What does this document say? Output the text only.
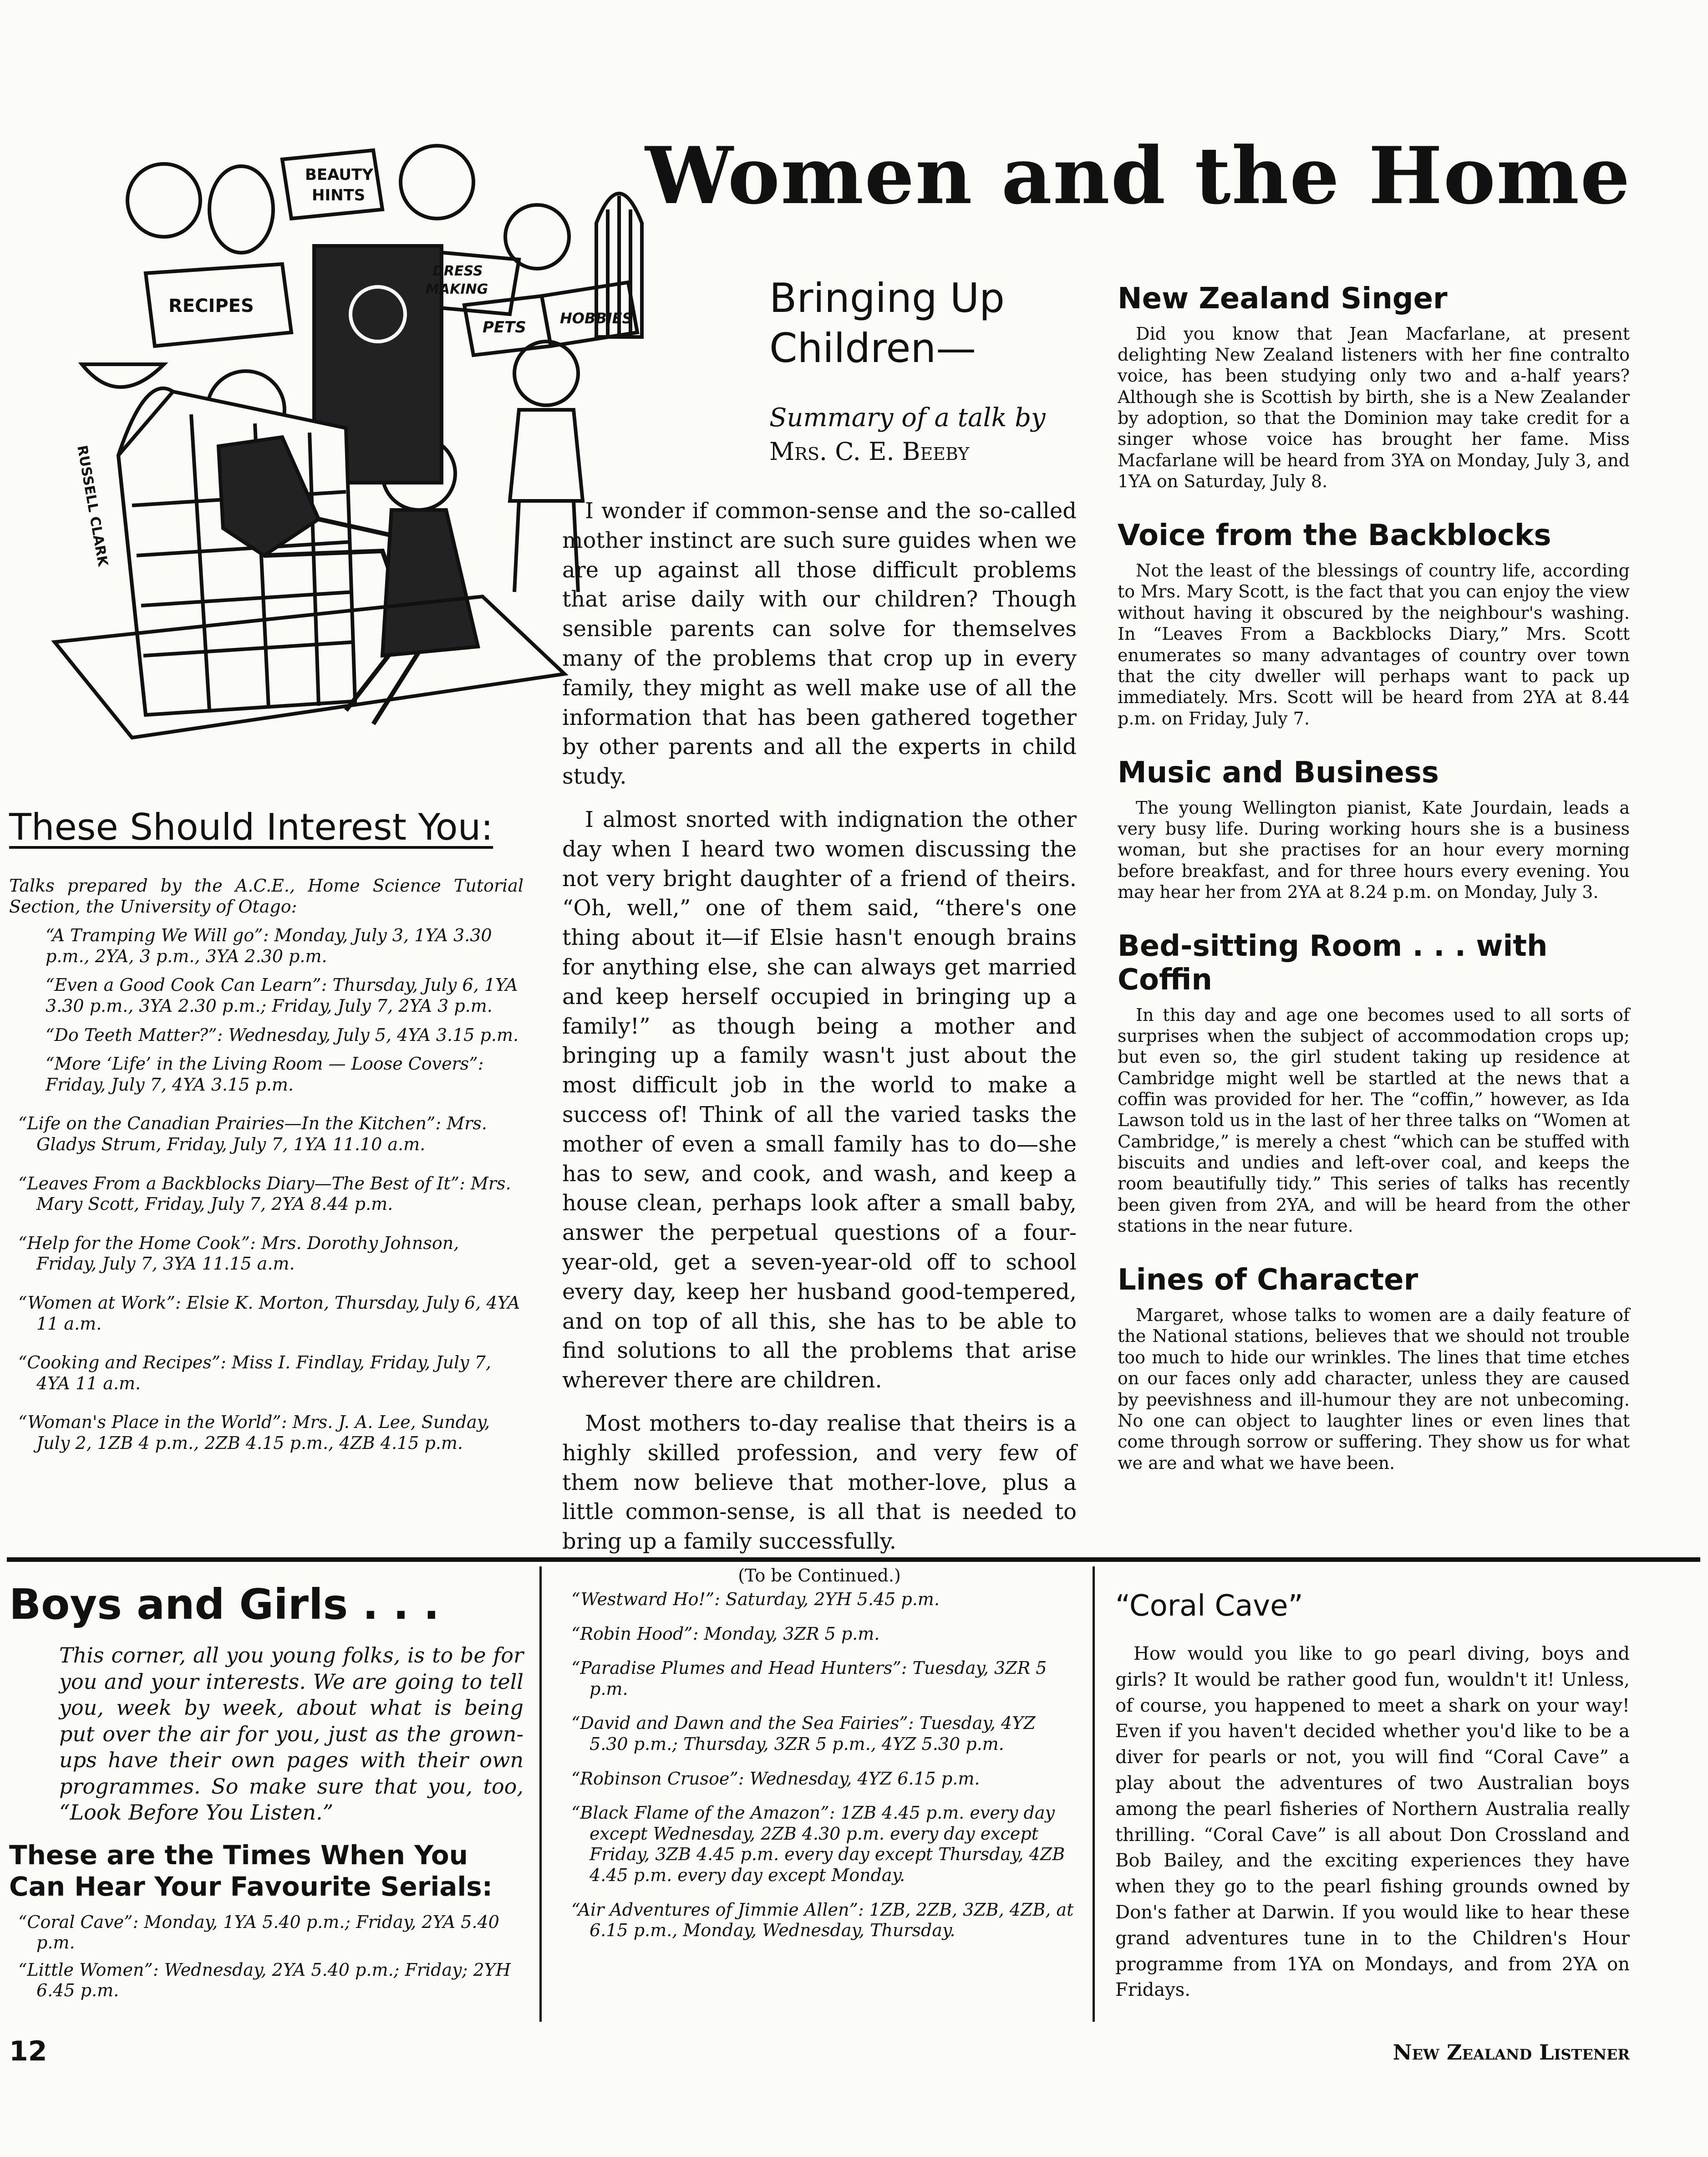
Women and the Home
BEAUTY
HINTS
RECIPES
DRESS
MAKING
PETS HOBBIES
RUSSELL CLARK
Bringing Up
Children—
Summary of a talk by
Mrs. C. E. Beeby

I wonder if common-sense and the so-called mother instinct are such sure guides when we are up against all those difficult problems that arise daily with our children? Though sensible parents can solve for themselves many of the problems that crop up in every family, they might as well make use of all the information that has been gathered together by other parents and all the experts in child study.

I almost snorted with indignation the other day when I heard two women discussing the not very bright daughter of a friend of theirs. “Oh, well,” one of them said, “there's one thing about it—if Elsie hasn't enough brains for anything else, she can always get married and keep herself occupied in bringing up a family!” as though being a mother and bringing up a family wasn't just about the most difficult job in the world to make a success of! Think of all the varied tasks the mother of even a small family has to do—she has to sew, and cook, and wash, and keep a house clean, perhaps look after a small baby, answer the perpetual questions of a four-year-old, get a seven-year-old off to school every day, keep her husband good-tempered, and on top of all this, she has to be able to find solutions to all the problems that arise wherever there are children.

Most mothers to-day realise that theirs is a highly skilled profession, and very few of them now believe that mother-love, plus a little common-sense, is all that is needed to bring up a family successfully.

(To be Continued.)
New Zealand Singer

Did you know that Jean Macfarlane, at present delighting New Zealand listeners with her fine contralto voice, has been studying only two and a-half years? Although she is Scottish by birth, she is a New Zealander by adoption, so that the Dominion may take credit for a singer whose voice has brought her fame. Miss Macfarlane will be heard from 3YA on Monday, July 3, and 1YA on Saturday, July 8.

Voice from the Backblocks

Not the least of the blessings of country life, according to Mrs. Mary Scott, is the fact that you can enjoy the view without having it obscured by the neighbour's washing. In “Leaves From a Backblocks Diary,” Mrs. Scott enumerates so many advantages of country over town that the city dweller will perhaps want to pack up immediately. Mrs. Scott will be heard from 2YA at 8.44 p.m. on Friday, July 7.

Music and Business

The young Wellington pianist, Kate Jourdain, leads a very busy life. During working hours she is a business woman, but she practises for an hour every morning before breakfast, and for three hours every evening. You may hear her from 2YA at 8.24 p.m. on Monday, July 3.

Bed-sitting Room . . . with Coffin

In this day and age one becomes used to all sorts of surprises when the subject of accommodation crops up; but even so, the girl student taking up residence at Cambridge might well be startled at the news that a coffin was provided for her. The “coffin,” however, as Ida Lawson told us in the last of her three talks on “Women at Cambridge,” is merely a chest “which can be stuffed with biscuits and undies and left-over coal, and keeps the room beautifully tidy.” This series of talks has recently been given from 2YA, and will be heard from the other stations in the near future.

Lines of Character

Margaret, whose talks to women are a daily feature of the National stations, believes that we should not trouble too much to hide our wrinkles. The lines that time etches on our faces only add character, unless they are caused by peevishness and ill-humour they are not unbecoming. No one can object to laughter lines or even lines that come through sorrow or suffering. They show us for what we are and what we have been.

These Should Interest You:
Talks prepared by the A.C.E., Home Science Tutorial Section, the University of Otago:
“A Tramping We Will go”: Monday, July 3, 1YA 3.30 p.m., 2YA, 3 p.m., 3YA 2.30 p.m.
“Even a Good Cook Can Learn”: Thursday, July 6, 1YA 3.30 p.m., 3YA 2.30 p.m.; Friday, July 7, 2YA 3 p.m.
“Do Teeth Matter?”: Wednesday, July 5, 4YA 3.15 p.m.
“More ‘Life’ in the Living Room — Loose Covers”: Friday, July 7, 4YA 3.15 p.m.
“Life on the Canadian Prairies—In the Kitchen”: Mrs. Gladys Strum, Friday, July 7, 1YA 11.10 a.m.
“Leaves From a Backblocks Diary—The Best of It”: Mrs. Mary Scott, Friday, July 7, 2YA 8.44 p.m.
“Help for the Home Cook”: Mrs. Dorothy Johnson, Friday, July 7, 3YA 11.15 a.m.
“Women at Work”: Elsie K. Morton, Thursday, July 6, 4YA 11 a.m.
“Cooking and Recipes”: Miss I. Findlay, Friday, July 7, 4YA 11 a.m.
“Woman's Place in the World”: Mrs. J. A. Lee, Sunday, July 2, 1ZB 4 p.m., 2ZB 4.15 p.m., 4ZB 4.15 p.m.
Boys and Girls . . .

This corner, all you young folks, is to be for you and your interests. We are going to tell you, week by week, about what is being put over the air for you, just as the grown-ups have their own pages with their own programmes. So make sure that you, too, “Look Before You Listen.”

These are the Times When You Can Hear Your Favourite Serials:
“Coral Cave”: Monday, 1YA 5.40 p.m.; Friday, 2YA 5.40 p.m.
“Little Women”: Wednesday, 2YA 5.40 p.m.; Friday; 2YH 6.45 p.m.
“Westward Ho!”: Saturday, 2YH 5.45 p.m.
“Robin Hood”: Monday, 3ZR 5 p.m.
“Paradise Plumes and Head Hunters”: Tuesday, 3ZR 5 p.m.
“David and Dawn and the Sea Fairies”: Tuesday, 4YZ 5.30 p.m.; Thursday, 3ZR 5 p.m., 4YZ 5.30 p.m.
“Robinson Crusoe”: Wednesday, 4YZ 6.15 p.m.
“Black Flame of the Amazon”: 1ZB 4.45 p.m. every day except Wednesday, 2ZB 4.30 p.m. every day except Friday, 3ZB 4.45 p.m. every day except Thursday, 4ZB 4.45 p.m. every day except Monday.
“Air Adventures of Jimmie Allen”: 1ZB, 2ZB, 3ZB, 4ZB, at 6.15 p.m., Monday, Wednesday, Thursday.
“Coral Cave”

How would you like to go pearl diving, boys and girls? It would be rather good fun, wouldn't it! Unless, of course, you happened to meet a shark on your way! Even if you haven't decided whether you'd like to be a diver for pearls or not, you will find “Coral Cave” a play about the adventures of two Australian boys among the pearl fisheries of Northern Australia really thrilling. “Coral Cave” is all about Don Crossland and Bob Bailey, and the exciting experiences they have when they go to the pearl fishing grounds owned by Don's father at Darwin. If you would like to hear these grand adventures tune in to the Children's Hour programme from 1YA on Mondays, and from 2YA on Fridays.

12	New Zealand Listener
